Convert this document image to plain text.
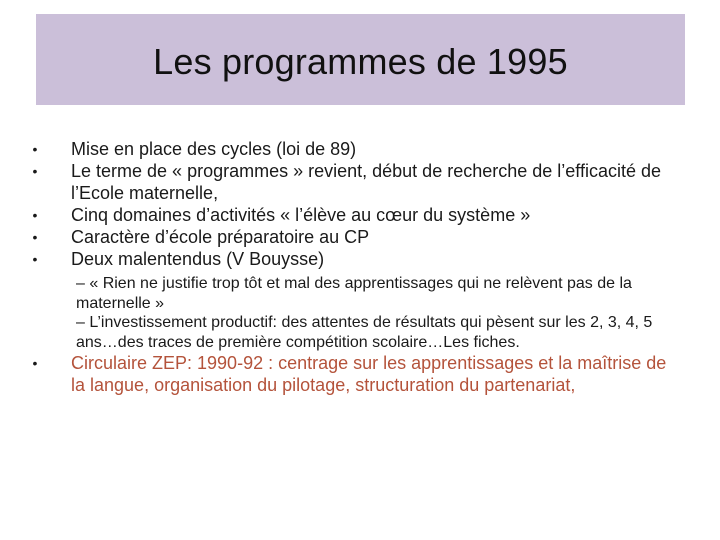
Les programmes de 1995
• Mise en place des cycles (loi de 89)
• Le terme de « programmes » revient, début de recherche de l’efficacité de l’Ecole maternelle,
• Cinq domaines d’activités « l’élève au cœur du système »
• Caractère d’école préparatoire au CP
• Deux malentendus (V Bouysse)
– « Rien ne justifie trop tôt et mal des apprentissages qui ne relèvent pas de la maternelle »
– L’investissement productif: des attentes de résultats qui pèsent sur les 2, 3, 4, 5 ans…des traces de première compétition scolaire…Les fiches.
• Circulaire ZEP: 1990-92 : centrage sur les apprentissages et la maîtrise de la langue, organisation du pilotage, structuration du partenariat,
